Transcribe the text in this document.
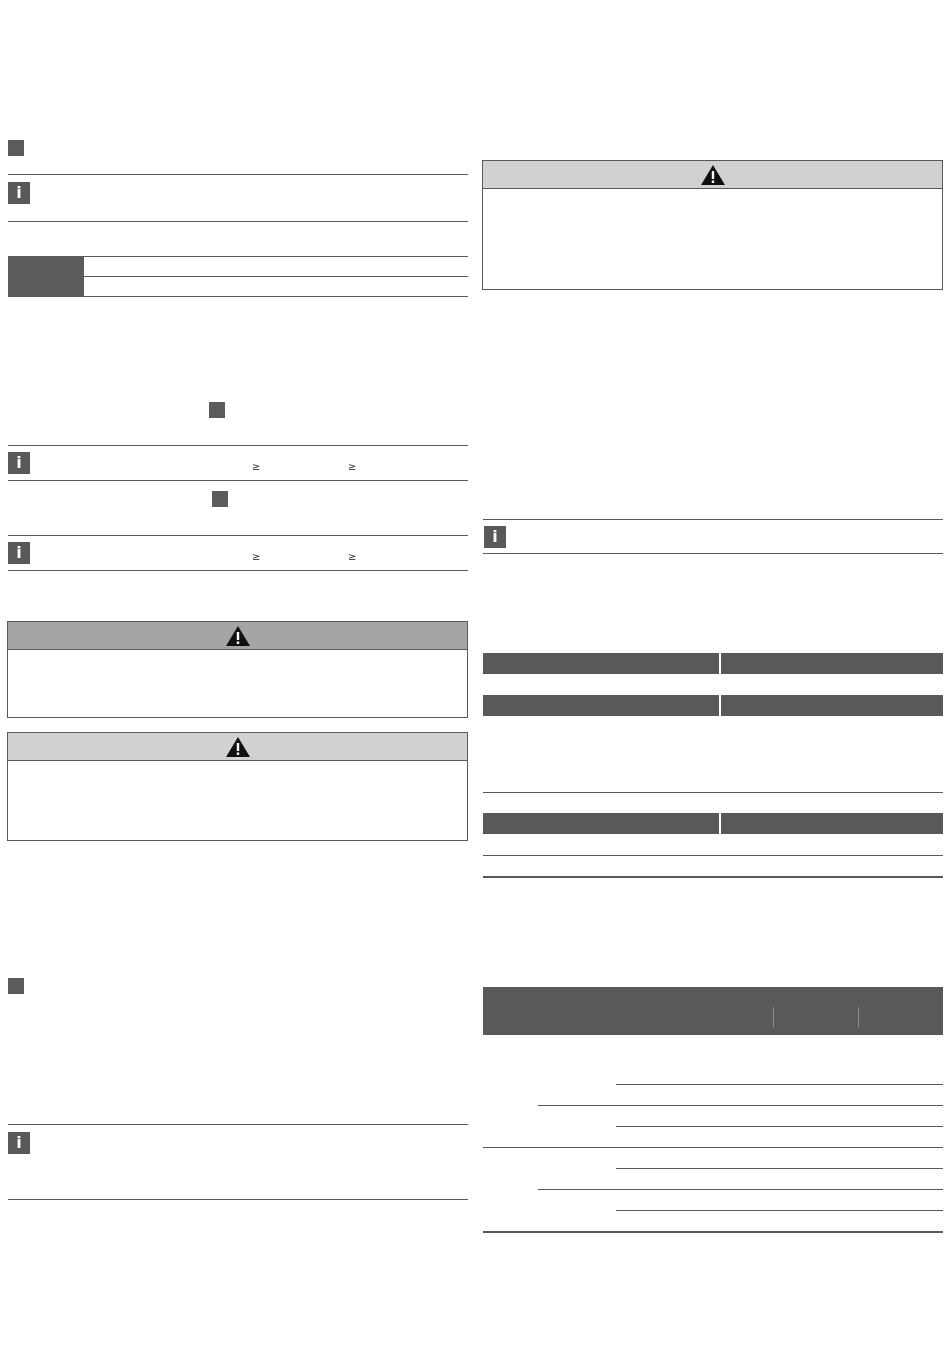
i
i	≥	≥
i	≥	≥
i
i
